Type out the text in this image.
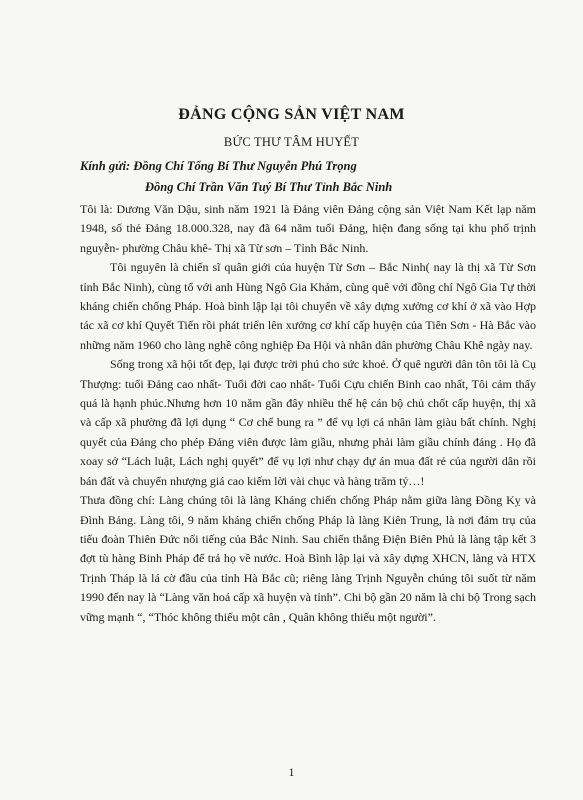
ĐẢNG CỘNG SẢN VIỆT NAM
BỨC THƯ TÂM HUYẾT
Kính gửi: Đồng Chí Tổng Bí Thư Nguyễn Phú Trọng
Đồng Chí Trần Văn Tuý Bí Thư Tỉnh Bắc Ninh

Tôi là: Dương Văn Dậu, sinh năm 1921 là Đảng viên Đảng cộng sản Việt Nam Kết lạp năm 1948, số thẻ Đảng 18.000.328, nay đã 64 năm tuổi Đảng, hiện đang sống tại khu phố trịnh nguyễn- phường Châu khê- Thị xã Từ sơn – Tỉnh Bắc Ninh.

Tôi nguyên là chiến sĩ quân giới của huyện Từ Sơn – Bắc Ninh( nay là thị xã Từ Sơn tỉnh Bắc Ninh), cùng tổ với anh Hùng Ngô Gia Khảm, cùng quê với đồng chí Ngô Gia Tự thời kháng chiến chống Pháp. Hoà bình lập lại tôi chuyển về xây dựng xưởng cơ khí ở xã vào Hợp tác xã cơ khí Quyết Tiến rồi phát triển lên xưởng cơ khí cấp huyện của Tiên Sơn - Hà Bắc vào những năm 1960 cho làng nghề công nghiệp Đa Hội và nhân dân phường Châu Khê ngày nay.

Sống trong xã hội tốt đẹp, lại được trời phú cho sức khoẻ. Ở quê người dân tôn tôi là Cụ Thượng: tuổi Đảng cao nhất- Tuổi đời cao nhất- Tuổi Cựu chiến Binh cao nhất, Tôi cảm thấy quá là hạnh phúc.Nhưng hơn 10 năm gần đây nhiều thế hệ cán bộ chủ chốt cấp huyện, thị xã và cấp xã phường đã lợi dụng “ Cơ chế bung ra ” để vụ lợi cá nhân làm giàu bất chính. Nghị quyết của Đảng cho phép Đảng viên được làm giầu, nhưng phải làm giầu chính đáng . Họ đã xoay sở “Lách luật, Lách nghị quyết” để vụ lợi như chạy dự án mua đất rẻ của người dân rồi bán đất và chuyển nhượng giá cao kiếm lời vài chục và hàng trăm tỷ…!

Thưa đồng chí: Làng chúng tôi là làng Kháng chiến chống Pháp nằm giữa làng Đồng Kỵ và Đình Bảng. Làng tôi, 9 năm kháng chiến chống Pháp là làng Kiên Trung, là nơi đám trụ của tiểu đoàn Thiên Đức nổi tiếng của Bắc Ninh. Sau chiến thắng Điện Biên Phủ là làng tập kết 3 đợt tù hàng Binh Pháp để trả họ về nước. Hoà Bình lập lại và xây dựng XHCN, làng và HTX Trịnh Tháp là lá cờ đầu của tỉnh Hà Bắc cũ; riêng làng Trịnh Nguyễn chúng tôi suốt từ năm 1990 đến nay là “Làng văn hoá cấp xã huyện và tỉnh”. Chi bộ gần 20 năm là chi bộ Trong sạch vững mạnh “, “Thóc không thiếu một cân , Quân không thiếu một người”.

1
